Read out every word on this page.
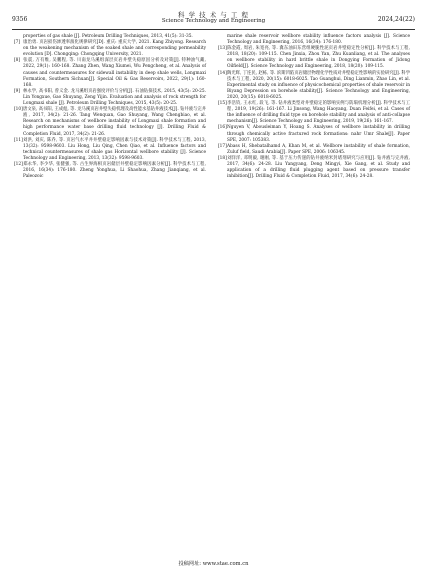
9356
科 学 技 术 与 工 程
Science Technology and Engineering	2024,24(22)

properties of gas shale [J]. Petroleum Drilling Techniques, 2013, 41(5): 31-35.

[7] 康治勇. 页岩损伤渗透率演化规律研究[D]. 重庆: 重庆大学, 2021. Kang Zhiyong. Research on the weakening mechanism of the soaked shale and corresponding permeability evolution [D]. Chongqing: Chongqing University, 2021.

[8] 张震, 万有维, 吴鹏程, 等. 川南龙马溪组深层页岩井壁失稳原因分析及对策[J]. 特种油气藏, 2022, 29(1): 160-168. Zhang Zhen, Wang Xiumei, Wu Pengcheng, et al. Analysis of causes and countermeasures for sidewall instability in deep shale wells, Longmaxi Formation, Southern Sichuan[J]. Special Oil & Gas Reservoirs, 2022, 29(1): 160-168.

[9] 林永学, 高书阳, 曾义金. 龙马溪组页岩强度评价与分析[J]. 石油钻探技术, 2015, 43(5): 20-25. Lin Yongxue, Gao Shuyang, Zeng Yijin. Evaluation and analysis of rock strength for Longmaxi shale [J]. Petroleum Drilling Techniques, 2015, 43(5): 20-25.

[10]唐文泉, 高书阳, 王成彪, 等. 龙马溪页岩井壁失稳机理及高性能水基钻井液技术[J]. 钻井液与完井液, 2017, 34(2): 21-26. Tang Wenquan, Gao Shuyang, Wang Chengbiao, et al. Research on mechanisms of wellbore instability of Longmaxi shale formation and high performance water base drilling fluid technology [J]. Drilling Fluid & Completion Fluid, 2017, 34(2): 21-26.

[11]刘洪, 刘庆, 陈乔, 等. 页岩气水平井井壁稳定影响因素与技术对策[J]. 科学技术与工程, 2013, 13(32): 9598-9603. Liu Hong, Liu Qing, Chen Qiao, et al. Influence factors and technical countermeasures of shale gas Horizontal wellbore stability [J]. Science Technology and Engineering, 2013, 13(32): 9598-9603.

[12]郑永华, 李少华, 张健强, 等. 古生界海相页岩储层井壁稳定影响因素分析[J]. 科学技术与工程, 2016, 16(34): 176-180. Zheng Yonghua, Li Shaohua, Zhang Jianqiang, et al. Paleozoic

marine shale reservoir wellbore stability influence factors analysis [J]. Science Technology and Engineering, 2016, 16(34): 176-180.

[13]陈金霞, 周岩, 朱宽亮, 等. 冀东油田东营组硬脆性泥页岩井壁稳定性分析[J]. 科学技术与工程, 2018, 18(20): 109-115. Chen Jinxia, Zhou Yan, Zhu Kuanliang, et al. The analyses on wellbore stability in hard brittle shale in Dongying Formation of Jidong Oilfield[J]. Science Technology and Engineering, 2018, 18(20): 109-115.

[14]陶光辉, 丁连民, 赵栋, 等. 滨斯凹陷页岩储层物理化学性质对井壁稳定性影响的实验研究[J]. 科学技术与工程, 2020, 20(15): 6018-6025. Tao Guanghui, Ding Lianmin, Zhao Lin, et al. Experimental study on influence of physicochemical properties of shale reservoir in Biyang Depression on borehole stability[J]. Science Technology and Engineering, 2020, 20(15): 6018-6025.

[15]李浩钧, 王永红, 段飞, 等. 钻井液类型对井壁稳定的影响实例与防塌机理分析[J]. 科学技术与工程, 2019, 19(26): 161-167. Li Jinsong, Wang Haoyang, Duan Feifei, et al. Cases of the influence of drilling fluid type on borehole stability and analysis of anti-collapse mechanism[J]. Science Technology and Engineering, 2019, 19(26): 161-167.

[16]Nguyen V, Abousleiman Y, Hoang S. Analyses of wellbore instability in drilling through chemically active fractured rock formations: nahr Umr Shale[J]. Paper SPE, 2007: 105383.

[17]Abass H, Shebatalhamd A, Khan M, et al. Wellbore instability of shale formation, Zuluf field, Saudi Arabia[J]. Paper SPE, 2006: 106345.

[18]刘洋洋, 邓明毅, 谢刚, 等. 基于压力传递的钻井液纳米封堵剂研究与应用[J]. 钻井液与完井液, 2017, 34(6): 24-28. Liu Yangyang, Deng Mingyi, Xie Gang, et al. Study and application of a drilling fluid plugging agent based on pressure transfer inhibition[J]. Drilling Fluid & Completion Fluid, 2017, 34(6): 24-28.

投稿网址: www.stae.com.cn
